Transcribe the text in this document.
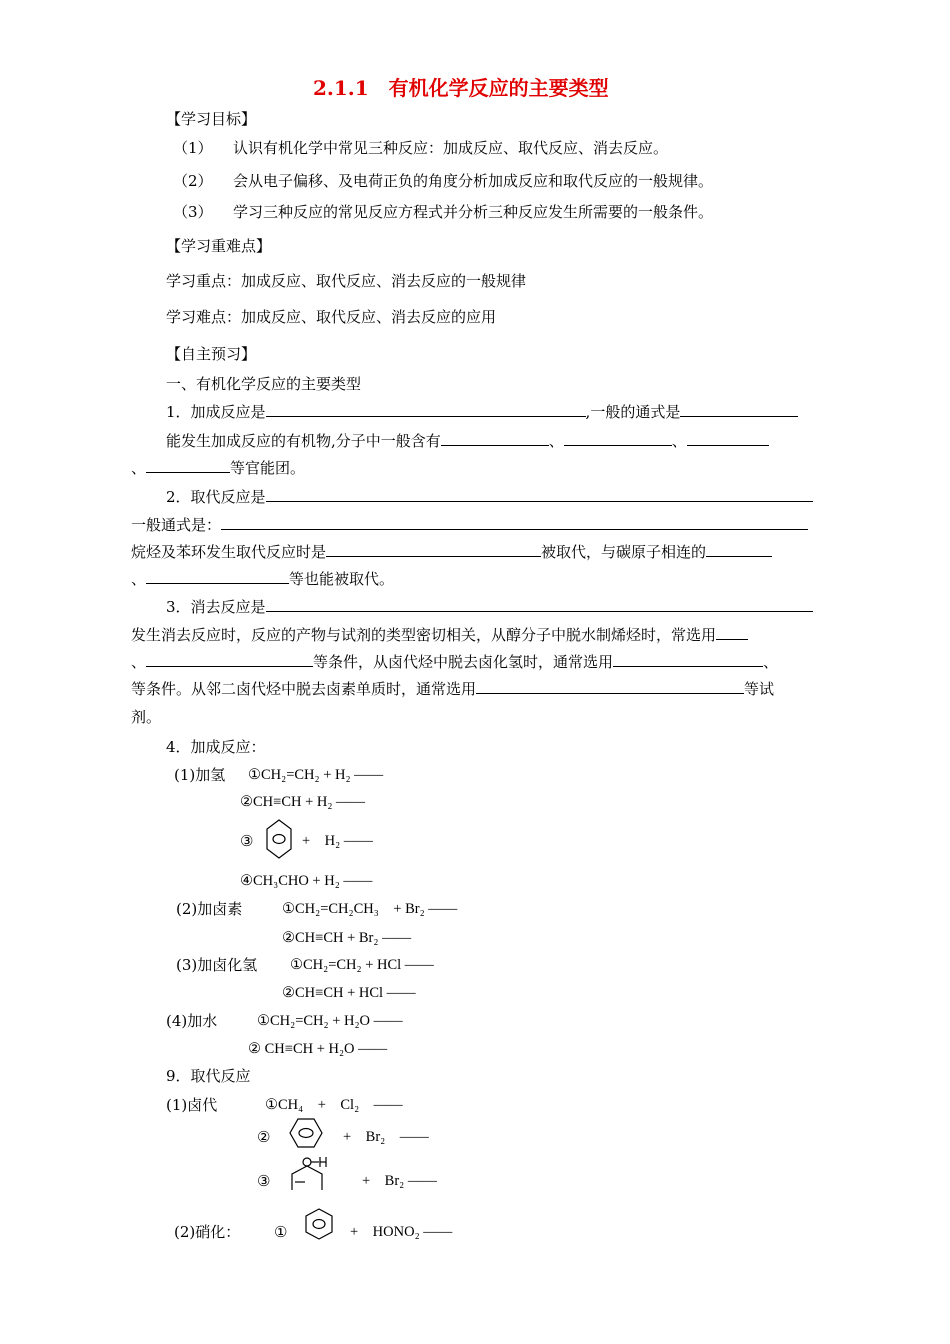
2.1.1　有机化学反应的主要类型
【学习目标】
（1） 认识有机化学中常见三种反应：加成反应、取代反应、消去反应。
（2） 会从电子偏移、及电荷正负的角度分析加成反应和取代反应的一般规律。
（3） 学习三种反应的常见反应方程式并分析三种反应发生所需要的一般条件。
【学习重难点】
学习重点：加成反应、取代反应、消去反应的一般规律
学习难点：加成反应、取代反应、消去反应的应用
【自主预习】
一、有机化学反应的主要类型
1．加成反应是	,一般的通式是
能发生加成反应的有机物,分子中一般含有	、	、
、	等官能团。
2．取代反应是
一般通式是：
烷烃及苯环发生取代反应时是	被取代，与碳原子相连的
、	等也能被取代。
3．消去反应是
发生消去反应时，反应的产物与试剂的类型密切相关，从醇分子中脱水制烯烃时，常选用
、	等条件，从卤代烃中脱去卤化氢时，通常选用	、
等条件。从邻二卤代烃中脱去卤素单质时，通常选用	等试
剂。
4．加成反应：
(1)加氢 ①CH₂=CH₂ + H₂ ——
②CH≡CH + H₂ ——
③	+　H₂ ——
④CH₃CHO + H₂ ——
(2)加卤素	①CH₂=CH₂CH₃　+ Br₂ ——
②CH≡CH + Br₂ ——
(3)加卤化氢 ①CH₂=CH₂ + HCl ——
②CH≡CH + HCl ——
(4)加水	①CH₂=CH₂ + H₂O ——
② CH≡CH + H₂O ——
9．取代反应
(1)卤代	①CH₄　+　Cl₂　——
②	+　Br₂　——
③	+　Br₂ ——
(2)硝化： ①	+　HONO₂ ——
